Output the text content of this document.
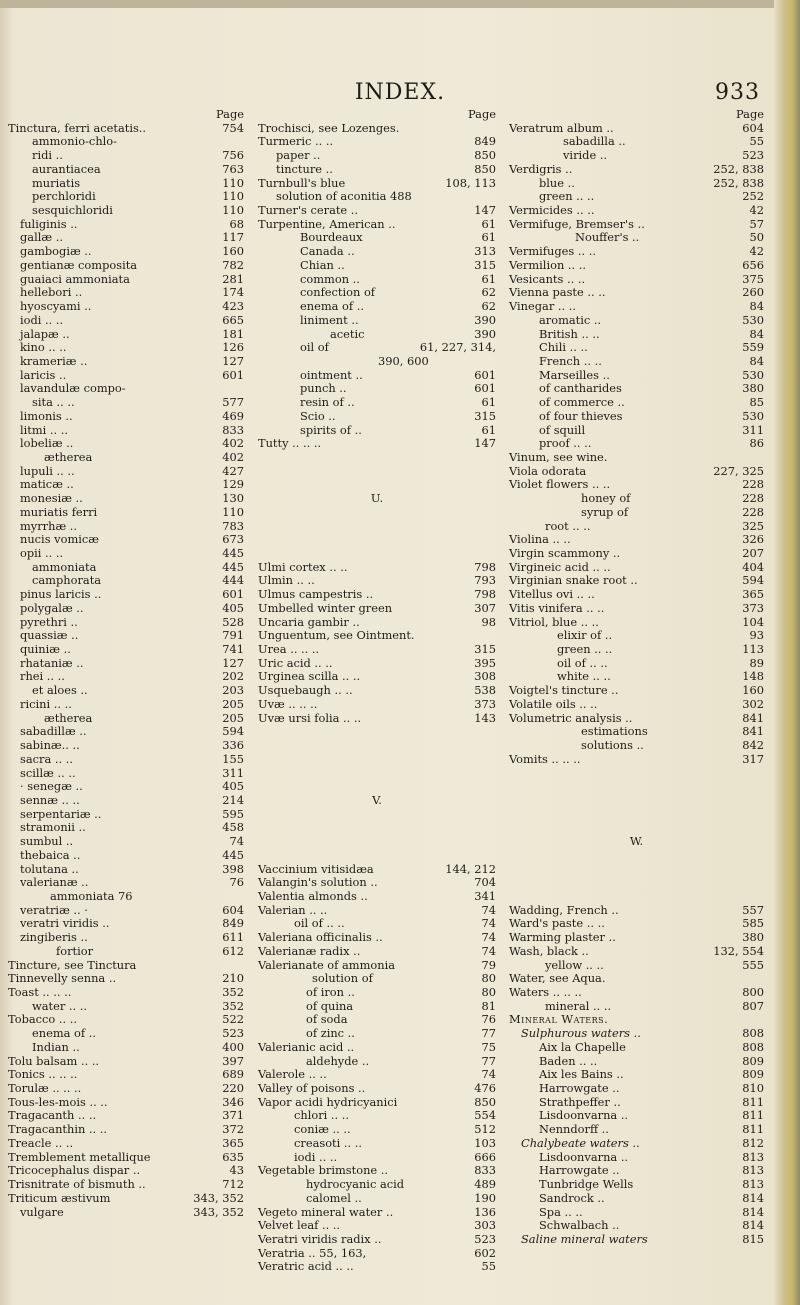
INDEX.	933
Page
Tinctura, ferri acetatis..	754
ammonio-chlo-
ridi ..	756
aurantiacea	763
muriatis	110
perchloridi	110
sesquichloridi	110
fuliginis ..	68
gallæ ..	117
gambogiæ ..	160
gentianæ composita	782
guaiaci ammoniata	281
hellebori ..	174
hyoscyami ..	423
iodi .. ..	665
jalapæ ..	181
kino .. ..	126
krameriæ ..	127
laricis ..	601
lavandulæ compo-
sita .. ..	577
limonis ..	469
litmi .. ..	833
lobeliæ ..	402
ætherea	402
lupuli .. ..	427
maticæ ..	129
monesiæ ..	130
muriatis ferri	110
myrrhæ ..	783
nucis vomicæ	673
opii .. ..	445
ammoniata	445
camphorata	444
pinus laricis ..	601
polygalæ ..	405
pyrethri ..	528
quassiæ ..	791
quiniæ ..	741
rhataniæ ..	127
rhei .. ..	202
et aloes ..	203
ricini .. ..	205
ætherea	205
sabadillæ ..	594
sabinæ.. ..	336
sacra .. ..	155
scillæ .. ..	311
· senegæ ..	405
sennæ .. ..	214
serpentariæ ..	595
stramonii ..	458
sumbul ..	74
thebaica ..	445
tolutana ..	398
valerianæ ..	76
ammoniata 76
veratriæ .. ·	604
veratri viridis ..	849
zingiberis ..	611
fortior	612
Tincture, see Tinctura
Tinnevelly senna ..	210
Toast .. .. ..	352
water .. ..	352
Tobacco .. ..	522
enema of ..	523
Indian ..	400
Tolu balsam .. ..	397
Tonics .. .. ..	689
Torulæ .. .. ..	220
Tous-les-mois .. ..	346
Tragacanth .. ..	371
Tragacanthin .. ..	372
Treacle .. ..	365
Tremblement metallique	635
Tricocephalus dispar ..	43
Trisnitrate of bismuth ..	712
Triticum æstivum	343, 352
vulgare	343, 352
Page
Trochisci, see Lozenges.
Turmeric .. ..	849
paper ..	850
tincture ..	850
Turnbull's blue	108, 113
solution of aconitia 488
Turner's cerate ..	147
Turpentine, American ..	61
Bourdeaux	61
Canada ..	313
Chian ..	315
common ..	61
confection of	62
enema of ..	62
liniment ..	390
acetic	390
oil of	61, 227, 314,
390, 600
ointment ..	601
punch ..	601
resin of ..	61
Scio ..	315
spirits of ..	61
Tutty .. .. ..	147
U.
Ulmi cortex .. ..	798
Ulmin .. ..	793
Ulmus campestris ..	798
Umbelled winter green	307
Uncaria gambir ..	98
Unguentum, see Ointment.
Urea .. .. ..	315
Uric acid .. ..	395
Urginea scilla .. ..	308
Usquebaugh .. ..	538
Uvæ .. .. ..	373
Uvæ ursi folia .. ..	143
V.
Vaccinium vitisidæa	144, 212
Valangin's solution ..	704
Valentia almonds ..	341
Valerian .. ..	74
oil of .. ..	74
Valeriana officinalis ..	74
Valerianæ radix ..	74
Valerianate of ammonia	79
solution of	80
of iron ..	80
of quina	81
of soda	76
of zinc ..	77
Valerianic acid ..	75
aldehyde ..	77
Valerole .. ..	74
Valley of poisons ..	476
Vapor acidi hydricyanici	850
chlori .. ..	554
coniæ .. ..	512
creasoti .. ..	103
iodi .. ..	666
Vegetable brimstone ..	833
hydrocyanic acid	489
calomel ..	190
Vegeto mineral water ..	136
Velvet leaf .. ..	303
Veratri viridis radix ..	523
Veratria .. 55, 163,	602
Veratric acid .. ..	55
Page
Veratrum album ..	604
sabadilla ..	55
viride ..	523
Verdigris ..	252, 838
blue ..	252, 838
green .. ..	252
Vermicides .. ..	42
Vermifuge, Bremser's ..	57
Nouffer's ..	50
Vermifuges .. ..	42
Vermilion .. ..	656
Vesicants .. ..	375
Vienna paste .. ..	260
Vinegar .. ..	84
aromatic ..	530
British .. ..	84
Chili .. ..	559
French .. ..	84
Marseilles ..	530
of cantharides	380
of commerce ..	85
of four thieves	530
of squill	311
proof .. ..	86
Vinum, see wine.
Viola odorata	227, 325
Violet flowers .. ..	228
honey of	228
syrup of	228
root .. ..	325
Violina .. ..	326
Virgin scammony ..	207
Virgineic acid .. ..	404
Virginian snake root ..	594
Vitellus ovi .. ..	365
Vitis vinifera .. ..	373
Vitriol, blue .. ..	104
elixir of ..	93
green .. ..	113
oil of .. ..	89
white .. ..	148
Voigtel's tincture ..	160
Volatile oils .. ..	302
Volumetric analysis ..	841
estimations	841
solutions ..	842
Vomits .. .. ..	317
W.
Wadding, French ..	557
Ward's paste .. ..	585
Warming plaster ..	380
Wash, black ..	132, 554
yellow .. ..	555
Water, see Aqua.
Waters .. .. ..	800
mineral .. ..	807
Mineral Waters.
Sulphurous waters ..	808
Aix la Chapelle	808
Baden .. ..	809
Aix les Bains ..	809
Harrowgate ..	810
Strathpeffer ..	811
Lisdoonvarna ..	811
Nenndorff ..	811
Chalybeate waters ..	812
Lisdoonvarna ..	813
Harrowgate ..	813
Tunbridge Wells	813
Sandrock ..	814
Spa .. ..	814
Schwalbach ..	814
Saline mineral waters	815
